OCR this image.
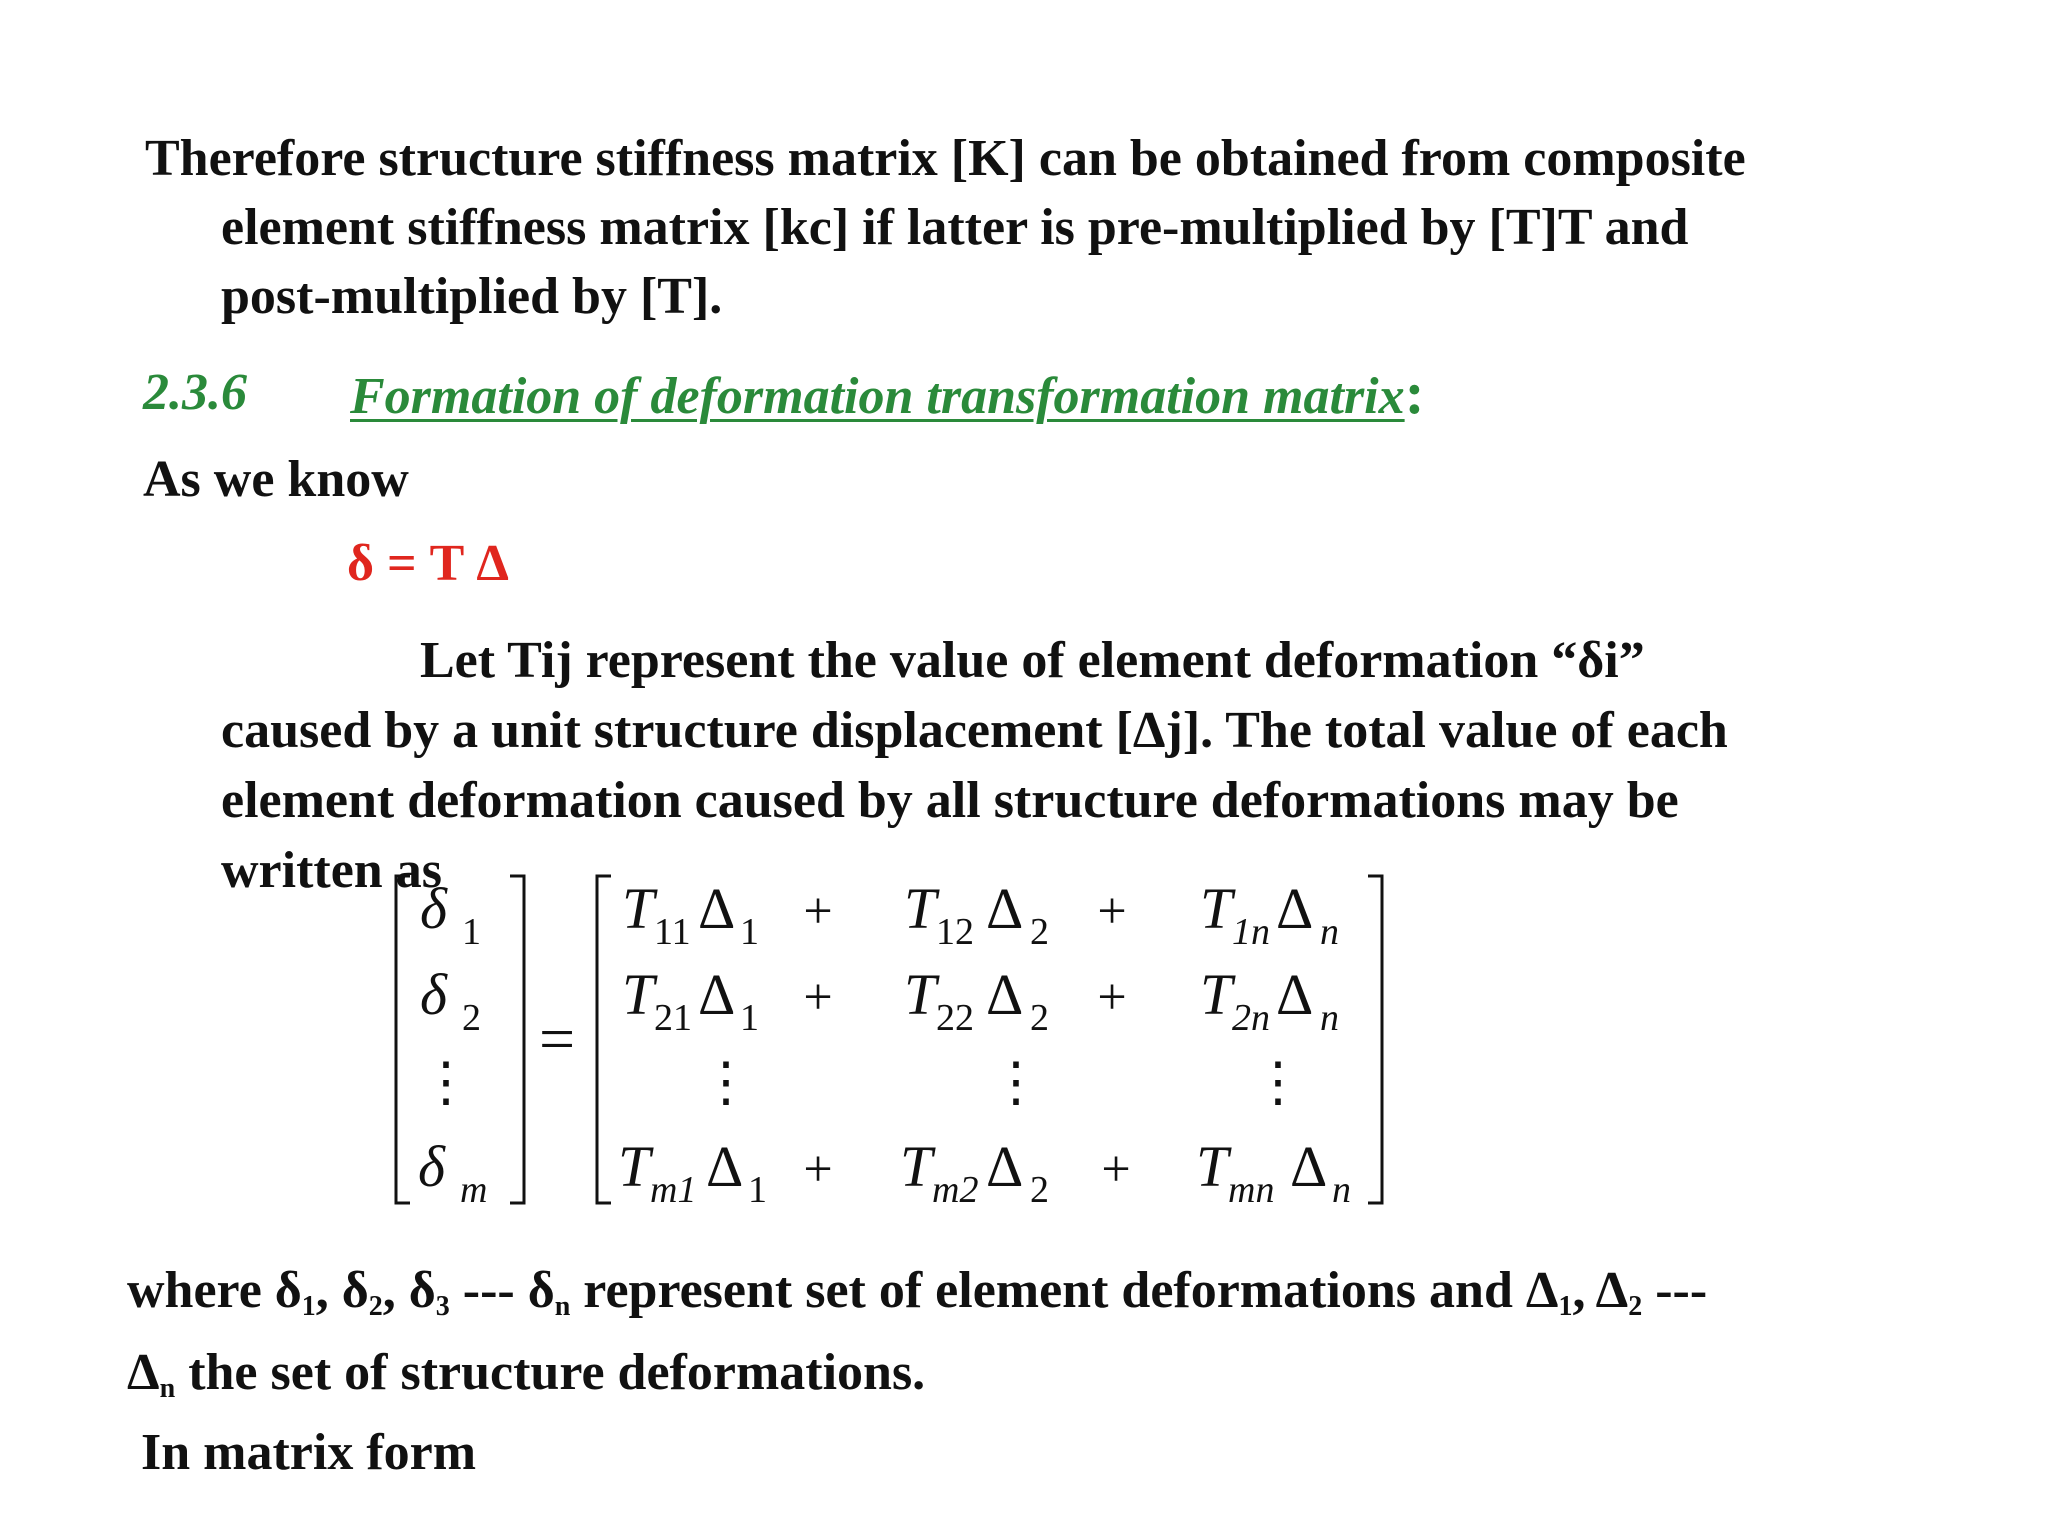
Therefore structure stiffness matrix [K] can be obtained from composite
element stiffness matrix [kc] if latter is pre-multiplied by [T]T and
post-multiplied by [T].
2.3.6 Formation of deformation transformation matrix:
As we know
δ = T Δ
Let Tij represent the value of element deformation “δi”
caused by a unit structure displacement [Δj]. The total value of each
element deformation caused by all structure deformations may be
written as
δ 1
δ 2
⋮
δ m
=
T 11 Δ 1 + T 12 Δ 2 + T 1n Δ n
T 21 Δ 1 + T 22 Δ 2 + T 2n Δ n
⋮	⋮	⋮
T m1 Δ 1 + T m2 Δ 2 + T mn Δ n
where $\delta_1$, $\delta_2$, $\delta_3$ --- $\delta_n$ represent set of element deformations and $\Delta_1$, $\Delta_2$ ---
$\Delta_n$ the set of structure deformations.
In matrix form
